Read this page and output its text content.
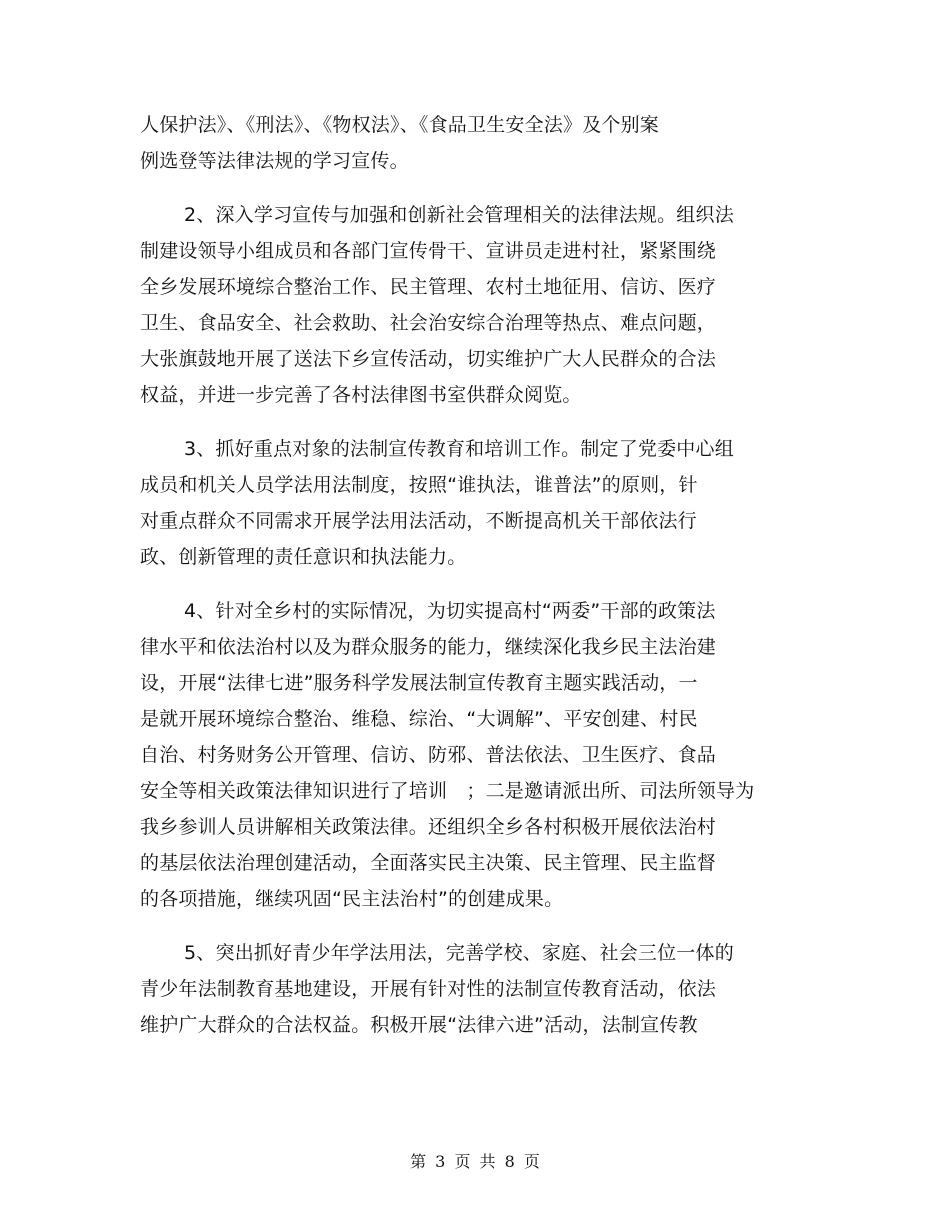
人保护法》、《刑法》、《物权法》、《食品卫生安全法》及个别案
例选登等法律法规的学习宣传。
2、深入学习宣传与加强和创新社会管理相关的法律法规。组织法
制建设领导小组成员和各部门宣传骨干、宣讲员走进村社，紧紧围绕
全乡发展环境综合整治工作、民主管理、农村土地征用、信访、医疗
卫生、食品安全、社会救助、社会治安综合治理等热点、难点问题，
大张旗鼓地开展了送法下乡宣传活动，切实维护广大人民群众的合法
权益，并进一步完善了各村法律图书室供群众阅览。
3、抓好重点对象的法制宣传教育和培训工作。制定了党委中心组
成员和机关人员学法用法制度，按照“谁执法，谁普法”的原则，针
对重点群众不同需求开展学法用法活动，不断提高机关干部依法行
政、创新管理的责任意识和执法能力。
4、针对全乡村的实际情况，为切实提高村“两委”干部的政策法
律水平和依法治村以及为群众服务的能力，继续深化我乡民主法治建
设，开展“法律七进”服务科学发展法制宣传教育主题实践活动，一
是就开展环境综合整治、维稳、综治、“大调解”、平安创建、村民
自治、村务财务公开管理、信访、防邪、普法依法、卫生医疗、食品
安全等相关政策法律知识进行了培训　；二是邀请派出所、司法所领导为
我乡参训人员讲解相关政策法律。还组织全乡各村积极开展依法治村
的基层依法治理创建活动，全面落实民主决策、民主管理、民主监督
的各项措施，继续巩固“民主法治村”的创建成果。
5、突出抓好青少年学法用法，完善学校、家庭、社会三位一体的
青少年法制教育基地建设，开展有针对性的法制宣传教育活动，依法
维护广大群众的合法权益。积极开展“法律六进”活动，法制宣传教
第 3 页 共 8 页
